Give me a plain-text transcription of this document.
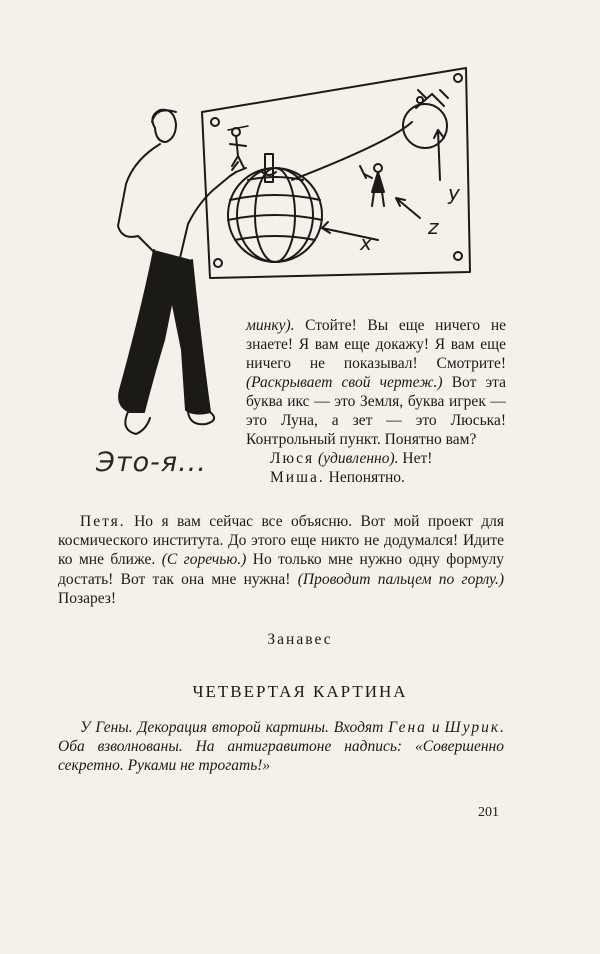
x
y
z
Это-я...

минку). Стойте! Вы еще ничего не знаете! Я вам еще докажу! Я вам еще ничего не показывал! Смотрите! (Раскрывает свой чертеж.) Вот эта буква икс — это Земля, буква игрек — это Луна, а зет — это Люська! Контрольный пункт. Понятно вам?

Люся (удивленно). Нет!

Миша. Непонятно.

Петя. Но я вам сейчас все объясню. Вот мой проект для космического института. До этого еще никто не додумался! Идите ко мне ближе. (С горечью.) Но только мне нужно одну формулу достать! Вот так она мне нужна! (Проводит пальцем по горлу.) Позарез!

Занавес
ЧЕТВЕРТАЯ КАРТИНА

У Гены. Декорация второй картины. Входят Гена и Шурик. Оба взволнованы. На антигравитоне надпись: «Совершенно секретно. Руками не трогать!»

201
